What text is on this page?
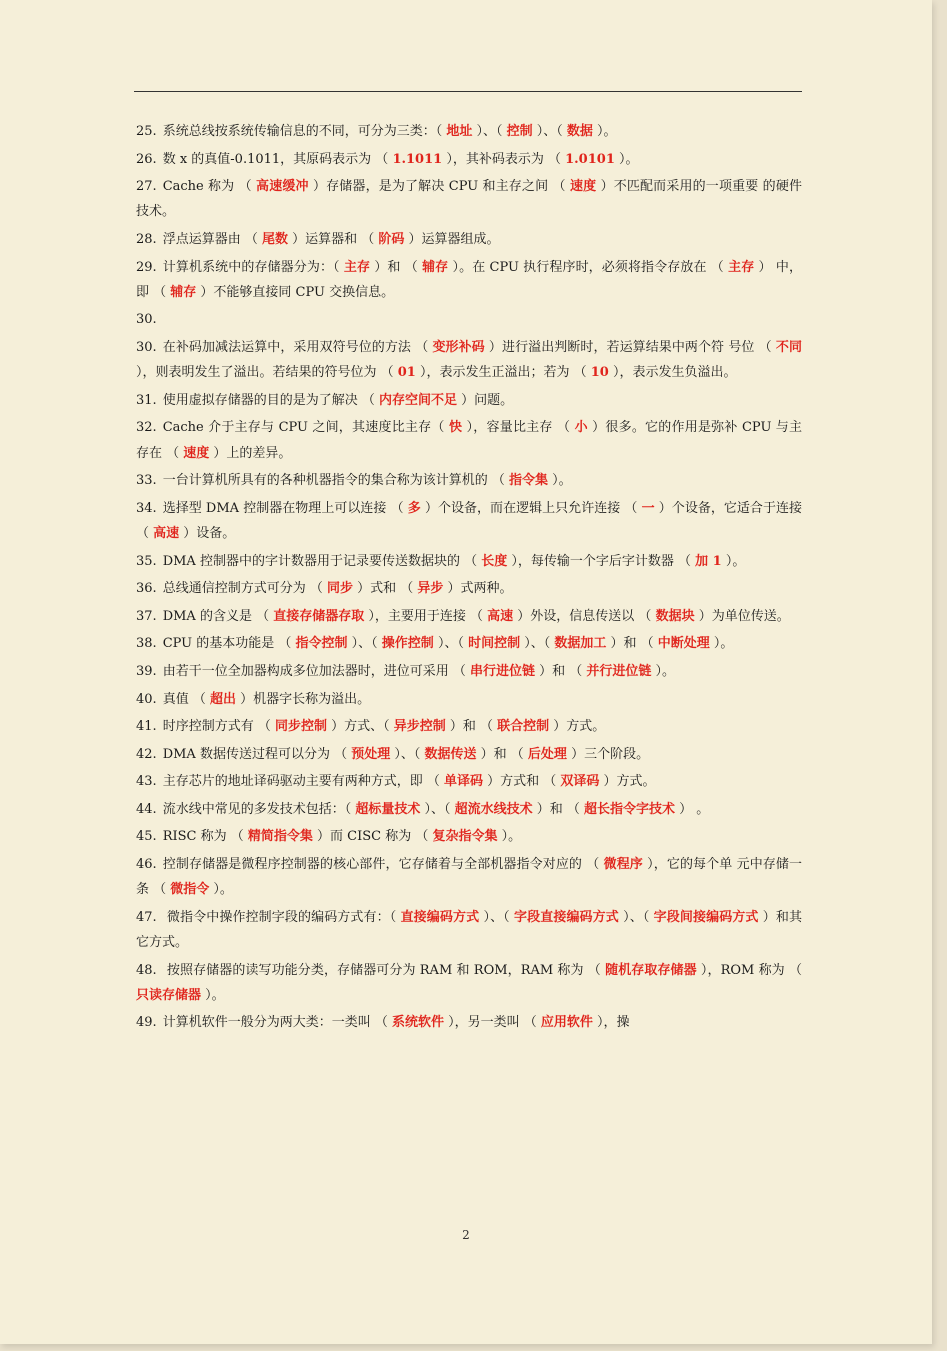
25. 系统总线按系统传输信息的不同，可分为三类：（ 地址 ）、（ 控制 ）、（ 数据 ）。
26. 数 x 的真值-0.1011，其原码表示为 （ 1.1011 ），其补码表示为 （ 1.0101 ）。
27. Cache 称为 （ 高速缓冲 ）存储器，是为了解决 CPU 和主存之间 （ 速度 ）不匹配而采用的一项重要 的硬件技术。
28. 浮点运算器由 （ 尾数 ）运算器和 （ 阶码 ）运算器组成。
29. 计算机系统中的存储器分为：（ 主存 ）和 （ 辅存 ）。在 CPU 执行程序时，必须将指令存放在 （ 主存 ） 中，即 （ 辅存 ）不能够直接同 CPU 交换信息。
30.
30. 在补码加减法运算中，采用双符号位的方法 （ 变形补码 ）进行溢出判断时，若运算结果中两个符 号位 （ 不同 ），则表明发生了溢出。若结果的符号位为 （ 01 ），表示发生正溢出；若为 （ 10 ），表示发生负溢出。
31. 使用虚拟存储器的目的是为了解决 （ 内存空间不足 ）问题。
32. Cache 介于主存与 CPU 之间，其速度比主存（ 快 ），容量比主存 （ 小 ）很多。它的作用是弥补 CPU 与主存在 （ 速度 ）上的差异。
33. 一台计算机所具有的各种机器指令的集合称为该计算机的 （ 指令集 ）。
34. 选择型 DMA 控制器在物理上可以连接 （ 多 ）个设备，而在逻辑上只允许连接 （ 一 ）个设备，它适合于连接 （ 高速 ）设备。
35. DMA 控制器中的字计数器用于记录要传送数据块的 （ 长度 ），每传输一个字后字计数器 （ 加 1 ）。
36. 总线通信控制方式可分为 （ 同步 ）式和 （ 异步 ）式两种。
37. DMA 的含义是 （ 直接存储器存取 ），主要用于连接 （ 高速 ）外设，信息传送以 （ 数据块 ）为单位传送。
38. CPU 的基本功能是 （ 指令控制 ）、（ 操作控制 ）、（ 时间控制 ）、（ 数据加工 ）和 （ 中断处理 ）。
39. 由若干一位全加器构成多位加法器时，进位可采用 （ 串行进位链 ）和 （ 并行进位链 ）。
40. 真值 （ 超出 ）机器字长称为溢出。
41. 时序控制方式有 （ 同步控制 ）方式、（ 异步控制 ）和 （ 联合控制 ）方式。
42. DMA 数据传送过程可以分为 （ 预处理 ）、（ 数据传送 ）和 （ 后处理 ）三个阶段。
43. 主存芯片的地址译码驱动主要有两种方式，即 （ 单译码 ）方式和 （ 双译码 ）方式。
44. 流水线中常见的多发技术包括：（ 超标量技术 ）、（ 超流水线技术 ）和 （ 超长指令字技术 ） 。
45. RISC 称为 （ 精简指令集 ）而 CISC 称为 （ 复杂指令集 ）。
46. 控制存储器是微程序控制器的核心部件，它存储着与全部机器指令对应的 （ 微程序 ），它的每个单 元中存储一条 （ 微指令 ）。
47. 微指令中操作控制字段的编码方式有：（ 直接编码方式 ）、（ 字段直接编码方式 ）、（ 字段间接编码方式 ）和其它方式。
48. 按照存储器的读写功能分类，存储器可分为 RAM 和 ROM，RAM 称为 （ 随机存取存储器 ），ROM 称为 （ 只读存储器 ）。
49. 计算机软件一般分为两大类：一类叫 （ 系统软件 ），另一类叫 （ 应用软件 ），操
2
